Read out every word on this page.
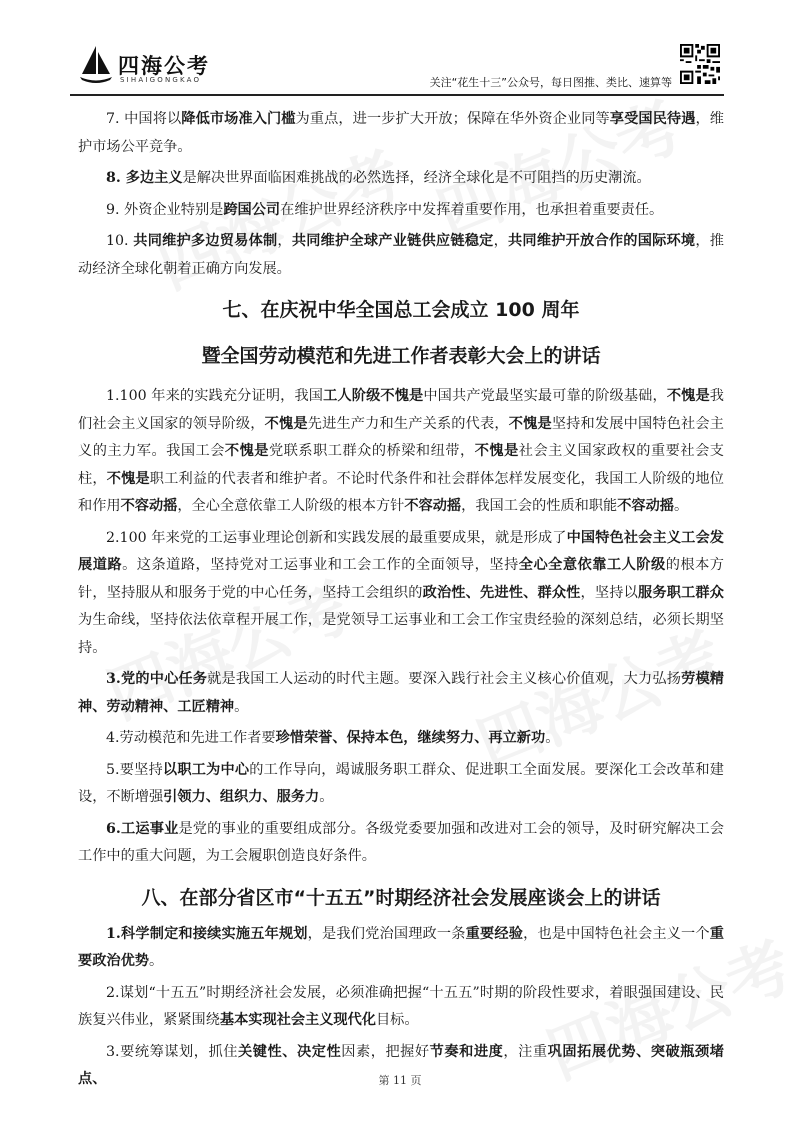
四海公考
SIHAIGONGKAO	关注“花生十三”公众号，每日图推、类比、速算等

7. 中国将以降低市场准入门槛为重点，进一步扩大开放；保障在华外资企业同等享受国民待遇，维护市场公平竞争。

8. 多边主义是解决世界面临困难挑战的必然选择，经济全球化是不可阻挡的历史潮流。

9. 外资企业特别是跨国公司在维护世界经济秩序中发挥着重要作用，也承担着重要责任。

10. 共同维护多边贸易体制，共同维护全球产业链供应链稳定，共同维护开放合作的国际环境，推动经济全球化朝着正确方向发展。

七、在庆祝中华全国总工会成立 100 周年
暨全国劳动模范和先进工作者表彰大会上的讲话

1.100 年来的实践充分证明，我国工人阶级不愧是中国共产党最坚实最可靠的阶级基础，不愧是我们社会主义国家的领导阶级，不愧是先进生产力和生产关系的代表，不愧是坚持和发展中国特色社会主义的主力军。我国工会不愧是党联系职工群众的桥梁和纽带，不愧是社会主义国家政权的重要社会支柱，不愧是职工利益的代表者和维护者。不论时代条件和社会群体怎样发展变化，我国工人阶级的地位和作用不容动摇，全心全意依靠工人阶级的根本方针不容动摇，我国工会的性质和职能不容动摇。

2.100 年来党的工运事业理论创新和实践发展的最重要成果，就是形成了中国特色社会主义工会发展道路。这条道路，坚持党对工运事业和工会工作的全面领导，坚持全心全意依靠工人阶级的根本方针，坚持服从和服务于党的中心任务，坚持工会组织的政治性、先进性、群众性，坚持以服务职工群众为生命线，坚持依法依章程开展工作，是党领导工运事业和工会工作宝贵经验的深刻总结，必须长期坚持。

3.党的中心任务就是我国工人运动的时代主题。要深入践行社会主义核心价值观，大力弘扬劳模精神、劳动精神、工匠精神。

4.劳动模范和先进工作者要珍惜荣誉、保持本色，继续努力、再立新功。

5.要坚持以职工为中心的工作导向，竭诚服务职工群众、促进职工全面发展。要深化工会改革和建设，不断增强引领力、组织力、服务力。

6.工运事业是党的事业的重要组成部分。各级党委要加强和改进对工会的领导，及时研究解决工会工作中的重大问题，为工会履职创造良好条件。

八、在部分省区市“十五五”时期经济社会发展座谈会上的讲话

1.科学制定和接续实施五年规划，是我们党治国理政一条重要经验，也是中国特色社会主义一个重要政治优势。

2.谋划“十五五”时期经济社会发展，必须准确把握“十五五”时期的阶段性要求，着眼强国建设、民族复兴伟业，紧紧围绕基本实现社会主义现代化目标。

3.要统筹谋划，抓住关键性、决定性因素，把握好节奏和进度，注重巩固拓展优势、突破瓶颈堵点、	第 11 页
